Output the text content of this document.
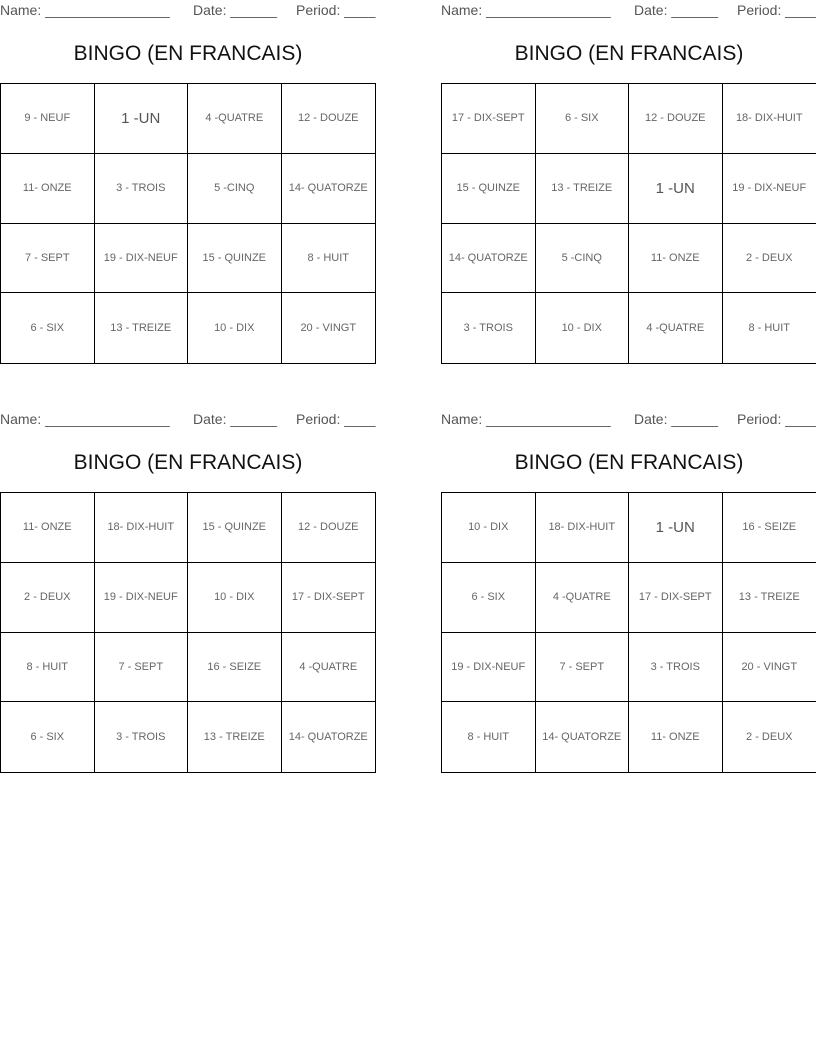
Name: ________________ Date: ______ Period: ____
BINGO (EN FRANCAIS)
9 - NEUF	1 -UN	4 -QUATRE	12 - DOUZE
11- ONZE	3 - TROIS	5 -CINQ	14- QUATORZE
7 - SEPT	19 - DIX-NEUF	15 - QUINZE	8 - HUIT
6 - SIX	13 - TREIZE	10 - DIX	20 - VINGT
Name: ________________ Date: ______ Period: ____
BINGO (EN FRANCAIS)
17 - DIX-SEPT	6 - SIX	12 - DOUZE	18- DIX-HUIT
15 - QUINZE	13 - TREIZE	1 -UN	19 - DIX-NEUF
14- QUATORZE	5 -CINQ	11- ONZE	2 - DEUX
3 - TROIS	10 - DIX	4 -QUATRE	8 - HUIT
Name: ________________ Date: ______ Period: ____
BINGO (EN FRANCAIS)
11- ONZE	18- DIX-HUIT	15 - QUINZE	12 - DOUZE
2 - DEUX	19 - DIX-NEUF	10 - DIX	17 - DIX-SEPT
8 - HUIT	7 - SEPT	16 - SEIZE	4 -QUATRE
6 - SIX	3 - TROIS	13 - TREIZE	14- QUATORZE
Name: ________________ Date: ______ Period: ____
BINGO (EN FRANCAIS)
10 - DIX	18- DIX-HUIT	1 -UN	16 - SEIZE
6 - SIX	4 -QUATRE	17 - DIX-SEPT	13 - TREIZE
19 - DIX-NEUF	7 - SEPT	3 - TROIS	20 - VINGT
8 - HUIT	14- QUATORZE	11- ONZE	2 - DEUX
